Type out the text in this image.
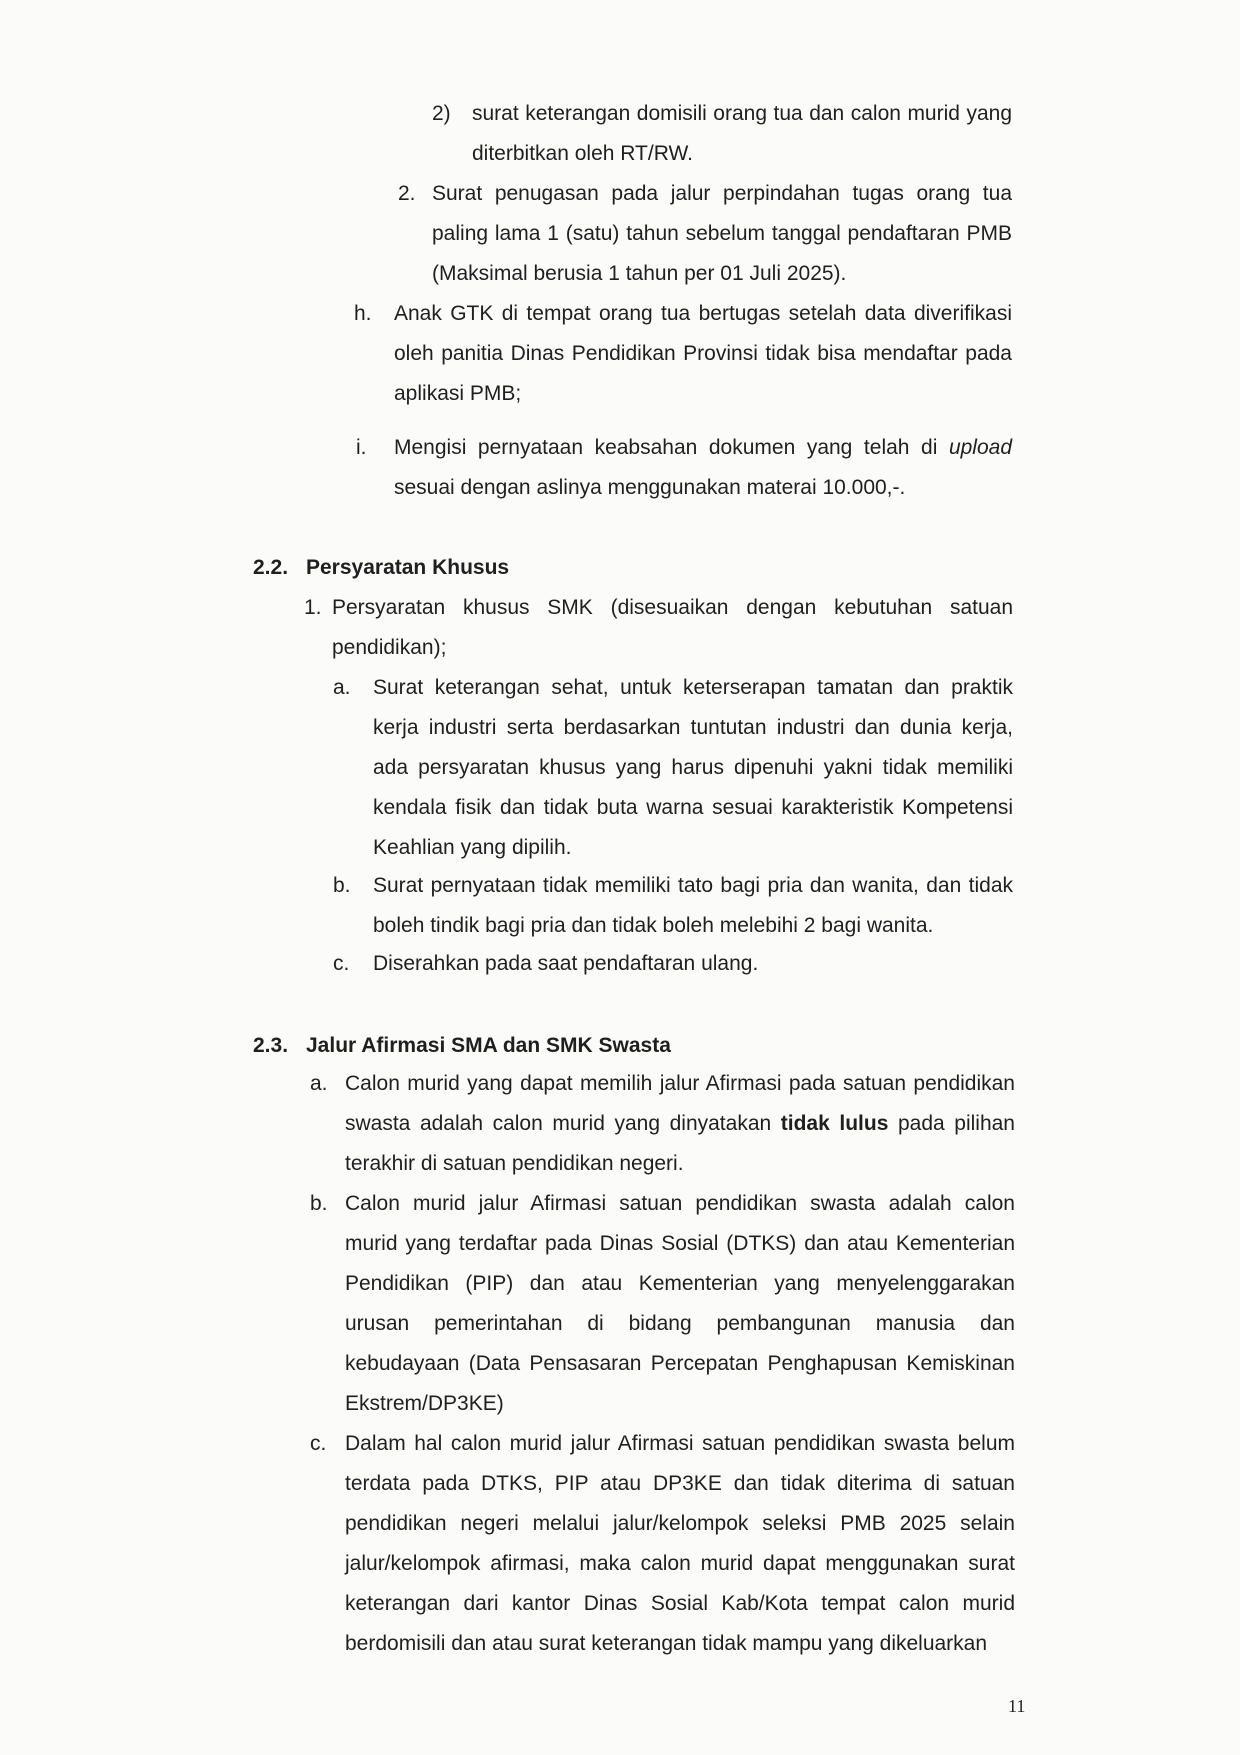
2) surat keterangan domisili orang tua dan calon murid yang diterbitkan oleh RT/RW.
2. Surat penugasan pada jalur perpindahan tugas orang tua paling lama 1 (satu) tahun sebelum tanggal pendaftaran PMB (Maksimal berusia 1 tahun per 01 Juli 2025).
h. Anak GTK di tempat orang tua bertugas setelah data diverifikasi oleh panitia Dinas Pendidikan Provinsi tidak bisa mendaftar pada aplikasi PMB;
i. Mengisi pernyataan keabsahan dokumen yang telah di upload sesuai dengan aslinya menggunakan materai 10.000,-.
2.2. Persyaratan Khusus
1. Persyaratan khusus SMK (disesuaikan dengan kebutuhan satuan pendidikan);
a. Surat keterangan sehat, untuk keterserapan tamatan dan praktik kerja industri serta berdasarkan tuntutan industri dan dunia kerja, ada persyaratan khusus yang harus dipenuhi yakni tidak memiliki kendala fisik dan tidak buta warna sesuai karakteristik Kompetensi Keahlian yang dipilih.
b. Surat pernyataan tidak memiliki tato bagi pria dan wanita, dan tidak boleh tindik bagi pria dan tidak boleh melebihi 2 bagi wanita.
c. Diserahkan pada saat pendaftaran ulang.
2.3. Jalur Afirmasi SMA dan SMK Swasta
a. Calon murid yang dapat memilih jalur Afirmasi pada satuan pendidikan swasta adalah calon murid yang dinyatakan tidak lulus pada pilihan terakhir di satuan pendidikan negeri.
b. Calon murid jalur Afirmasi satuan pendidikan swasta adalah calon murid yang terdaftar pada Dinas Sosial (DTKS) dan atau Kementerian Pendidikan (PIP) dan atau Kementerian yang menyelenggarakan urusan pemerintahan di bidang pembangunan manusia dan kebudayaan (Data Pensasaran Percepatan Penghapusan Kemiskinan Ekstrem/DP3KE)
c. Dalam hal calon murid jalur Afirmasi satuan pendidikan swasta belum terdata pada DTKS, PIP atau DP3KE dan tidak diterima di satuan pendidikan negeri melalui jalur/kelompok seleksi PMB 2025 selain jalur/kelompok afirmasi, maka calon murid dapat menggunakan surat keterangan dari kantor Dinas Sosial Kab/Kota tempat calon murid berdomisili dan atau surat keterangan tidak mampu yang dikeluarkan
11
